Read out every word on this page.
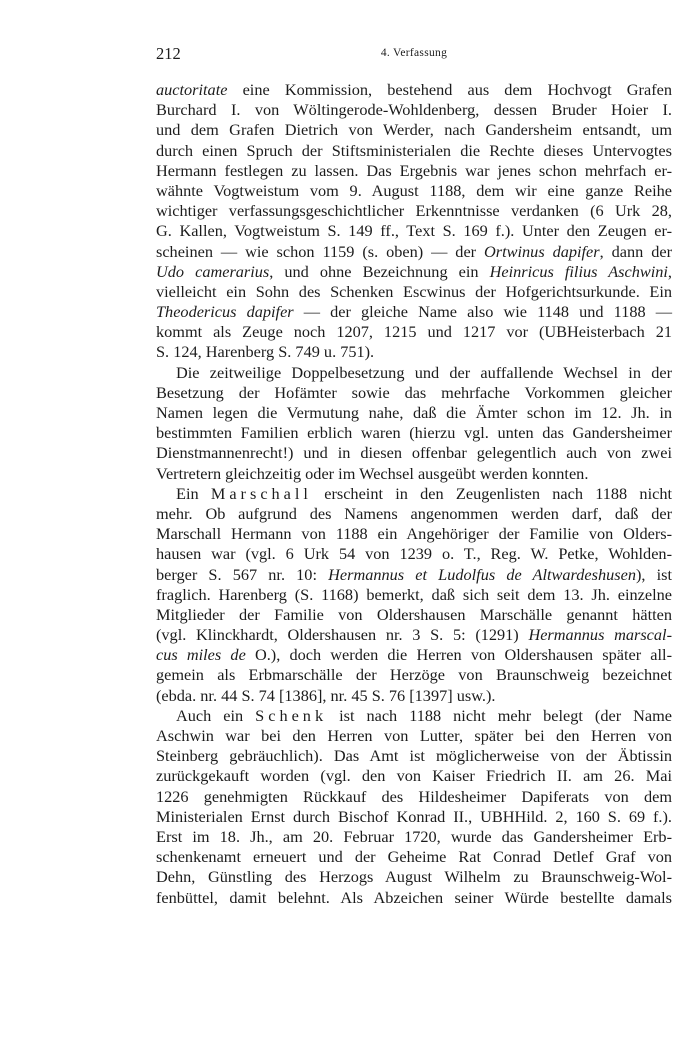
212	4. Verfassung
auctoritate eine Kommission, bestehend aus dem Hochvogt Grafen
Burchard I. von Wöltingerode-Wohldenberg, dessen Bruder Hoier I.
und dem Grafen Dietrich von Werder, nach Gandersheim entsandt, um
durch einen Spruch der Stiftsministerialen die Rechte dieses Untervogtes
Hermann festlegen zu lassen. Das Ergebnis war jenes schon mehrfach er-
wähnte Vogtweistum vom 9. August 1188, dem wir eine ganze Reihe
wichtiger verfassungsgeschichtlicher Erkenntnisse verdanken (6 Urk 28,
G. Kallen, Vogtweistum S. 149 ff., Text S. 169 f.). Unter den Zeugen er-
scheinen — wie schon 1159 (s. oben) — der Ortwinus dapifer, dann der
Udo camerarius, und ohne Bezeichnung ein Heinricus filius Aschwini,
vielleicht ein Sohn des Schenken Escwinus der Hofgerichtsurkunde. Ein
Theodericus dapifer — der gleiche Name also wie 1148 und 1188 —
kommt als Zeuge noch 1207, 1215 und 1217 vor (UBHeisterbach 21
S. 124, Harenberg S. 749 u. 751).
Die zeitweilige Doppelbesetzung und der auffallende Wechsel in der
Besetzung der Hofämter sowie das mehrfache Vorkommen gleicher
Namen legen die Vermutung nahe, daß die Ämter schon im 12. Jh. in
bestimmten Familien erblich waren (hierzu vgl. unten das Gandersheimer
Dienstmannenrecht!) und in diesen offenbar gelegentlich auch von zwei
Vertretern gleichzeitig oder im Wechsel ausgeübt werden konnten.
Ein Marschall erscheint in den Zeugenlisten nach 1188 nicht
mehr. Ob aufgrund des Namens angenommen werden darf, daß der
Marschall Hermann von 1188 ein Angehöriger der Familie von Olders-
hausen war (vgl. 6 Urk 54 von 1239 o. T., Reg. W. Petke, Wohlden-
berger S. 567 nr. 10: Hermannus et Ludolfus de Altwardeshusen), ist
fraglich. Harenberg (S. 1168) bemerkt, daß sich seit dem 13. Jh. einzelne
Mitglieder der Familie von Oldershausen Marschälle genannt hätten
(vgl. Klinckhardt, Oldershausen nr. 3 S. 5: (1291) Hermannus marscal-
cus miles de O.), doch werden die Herren von Oldershausen später all-
gemein als Erbmarschälle der Herzöge von Braunschweig bezeichnet
(ebda. nr. 44 S. 74 [1386], nr. 45 S. 76 [1397] usw.).
Auch ein Schenk ist nach 1188 nicht mehr belegt (der Name
Aschwin war bei den Herren von Lutter, später bei den Herren von
Steinberg gebräuchlich). Das Amt ist möglicherweise von der Äbtissin
zurückgekauft worden (vgl. den von Kaiser Friedrich II. am 26. Mai
1226 genehmigten Rückkauf des Hildesheimer Dapiferats von dem
Ministerialen Ernst durch Bischof Konrad II., UBHHild. 2, 160 S. 69 f.).
Erst im 18. Jh., am 20. Februar 1720, wurde das Gandersheimer Erb-
schenkenamt erneuert und der Geheime Rat Conrad Detlef Graf von
Dehn, Günstling des Herzogs August Wilhelm zu Braunschweig-Wol-
fenbüttel, damit belehnt. Als Abzeichen seiner Würde bestellte damals
